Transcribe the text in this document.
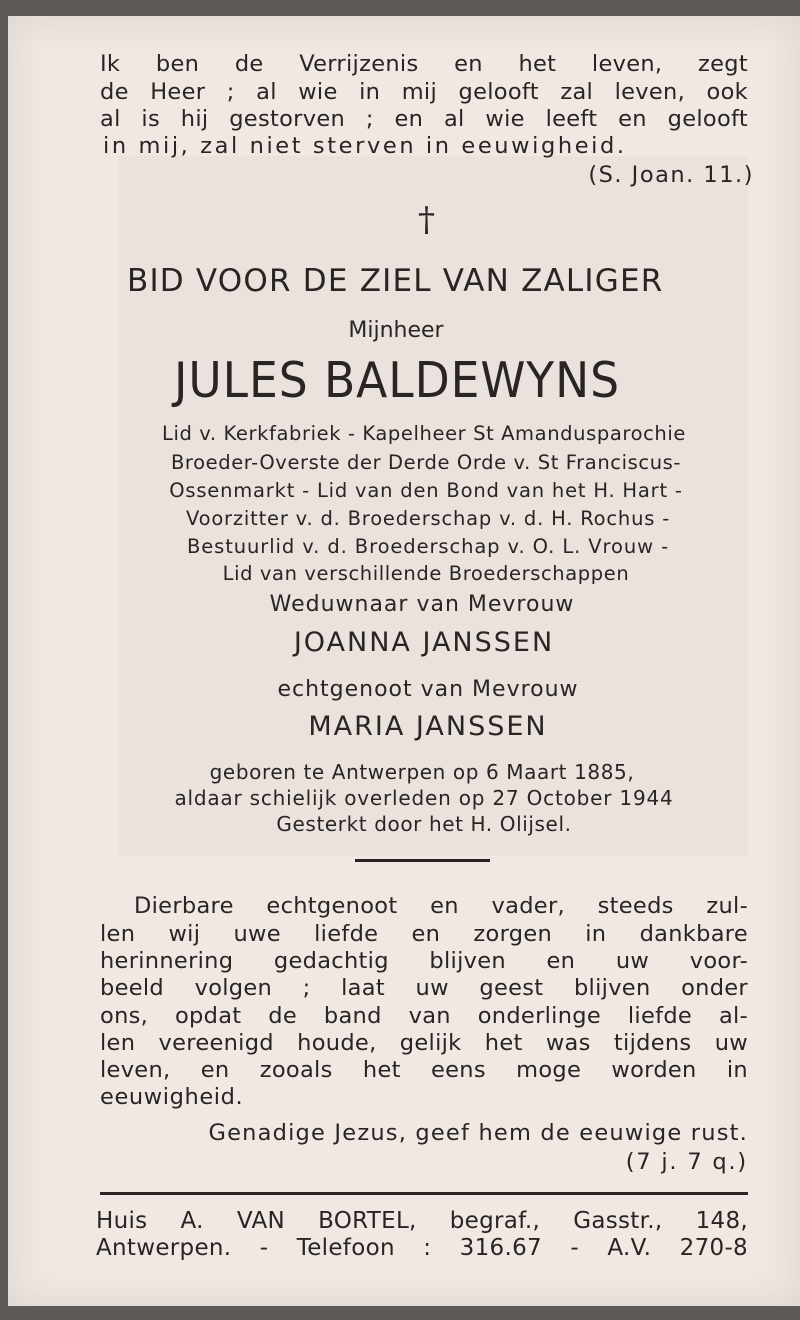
Ik ben de Verrijzenis en het leven, zegt
de Heer ; al wie in mij gelooft zal leven, ook
al is hij gestorven ; en al wie leeft en gelooft
in mij, zal niet sterven in eeuwigheid.
(S. Joan. 11.)
†
BID VOOR DE ZIEL VAN ZALIGER
Mijnheer
JULES BALDEWYNS
Lid v. Kerkfabriek - Kapelheer St Amandusparochie
Broeder-Overste der Derde Orde v. St Franciscus-
Ossenmarkt - Lid van den Bond van het H. Hart -
Voorzitter v. d. Broederschap v. d. H. Rochus -
Bestuurlid v. d. Broederschap v. O. L. Vrouw -
Lid van verschillende Broederschappen
Weduwnaar van Mevrouw
JOANNA JANSSEN
echtgenoot van Mevrouw
MARIA JANSSEN
geboren te Antwerpen op 6 Maart 1885,
aldaar schielijk overleden op 27 October 1944
Gesterkt door het H. Olijsel.
Dierbare echtgenoot en vader, steeds zul-
len wij uwe liefde en zorgen in dankbare
herinnering gedachtig blijven en uw voor-
beeld volgen ; laat uw geest blijven onder
ons, opdat de band van onderlinge liefde al-
len vereenigd houde, gelijk het was tijdens uw
leven, en zooals het eens moge worden in
eeuwigheid.
Genadige Jezus, geef hem de eeuwige rust.
(7 j. 7 q.)
Huis A. VAN BORTEL, begraf., Gasstr., 148,
Antwerpen. - Telefoon : 316.67 - A.V. 270-8
